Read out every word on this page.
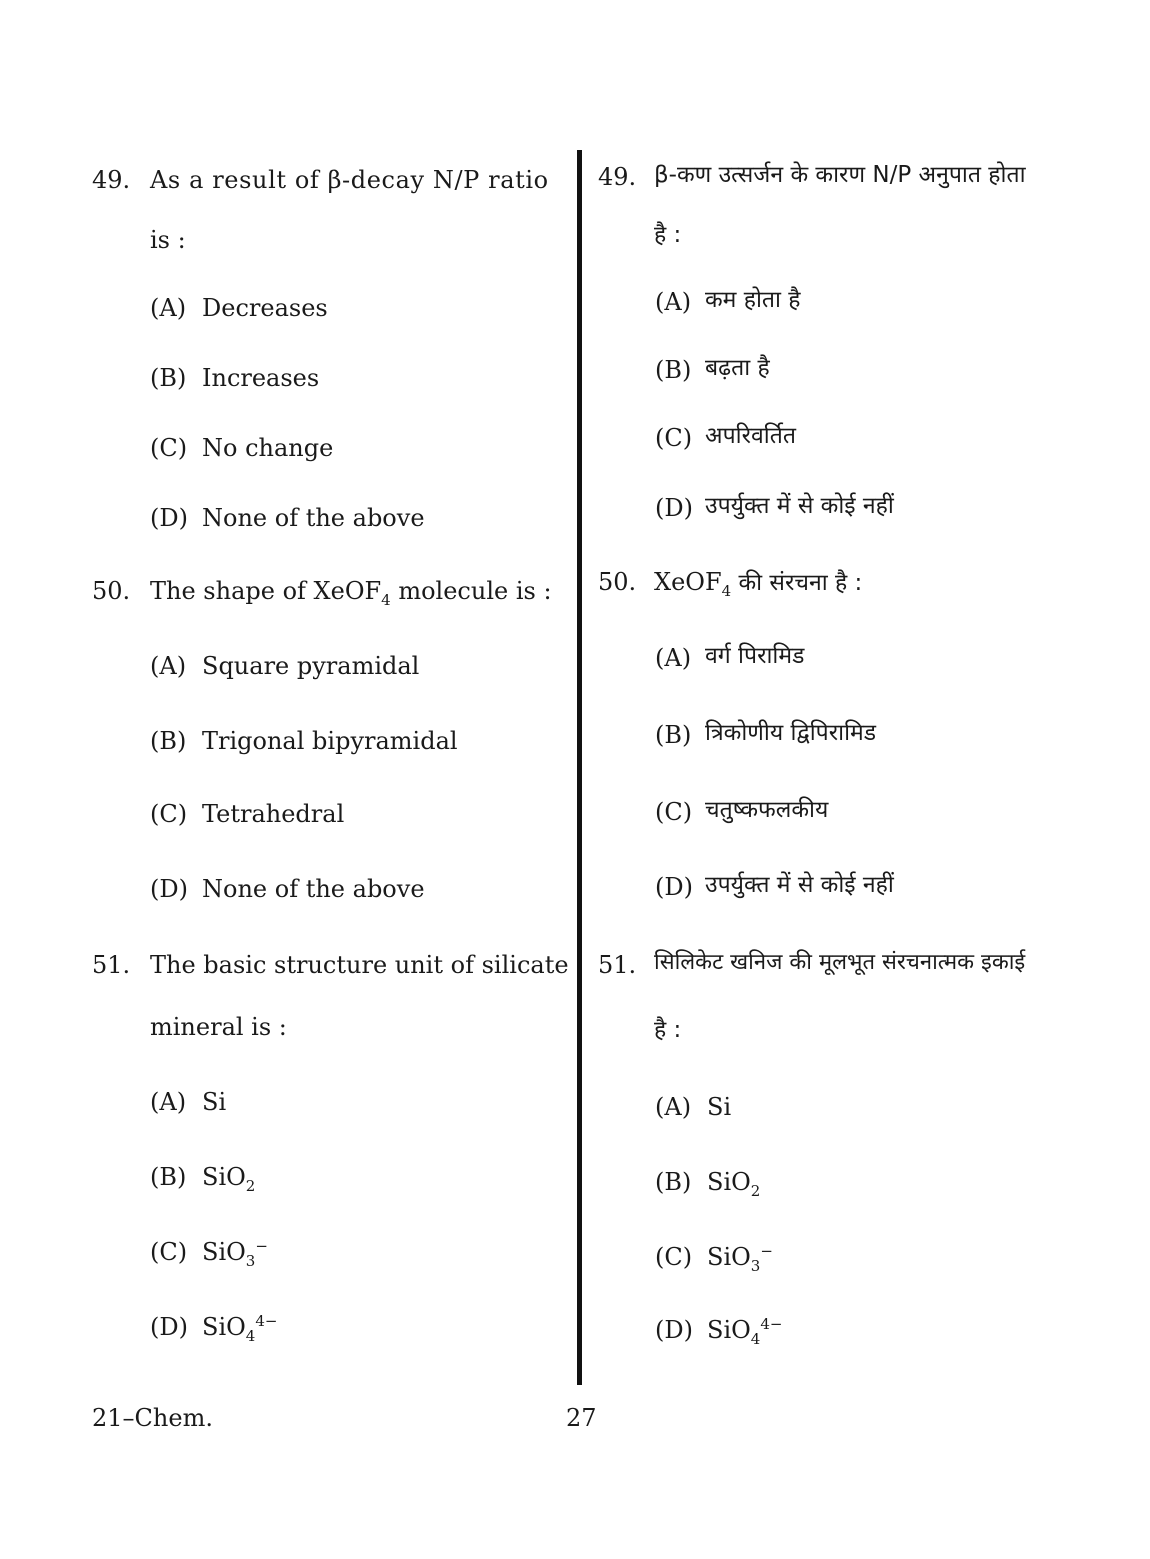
49. As a result of β-decay N/P ratio
is :
(A) Decreases
(B) Increases
(C) No change
(D) None of the above
50. The shape of XeOF$_4$ molecule is :
(A) Square pyramidal
(B) Trigonal bipyramidal
(C) Tetrahedral
(D) None of the above
51. The basic structure unit of silicate
mineral is :
(A) Si
(B) SiO$_2$
(C) SiO$_3$−
(D) SiO$_4^{4-}$
49. β-कण उत्सर्जन के कारण N/P अनुपात होता
है :
(A) कम होता है
(B) बढ़ता है
(C) अपरिवर्तित
(D) उपर्युक्त में से कोई नहीं
50. XeOF$_4$ की संरचना है :
(A) वर्ग पिरामिड
(B) त्रिकोणीय द्विपिरामिड
(C) चतुष्कफलकीय
(D) उपर्युक्त में से कोई नहीं
51. सिलिकेट खनिज की मूलभूत संरचनात्मक इकाई
है :
(A) Si
(B) SiO$_2$
(C) SiO$_3$−
(D) SiO$_4^{4-}$
21–Chem.	27
